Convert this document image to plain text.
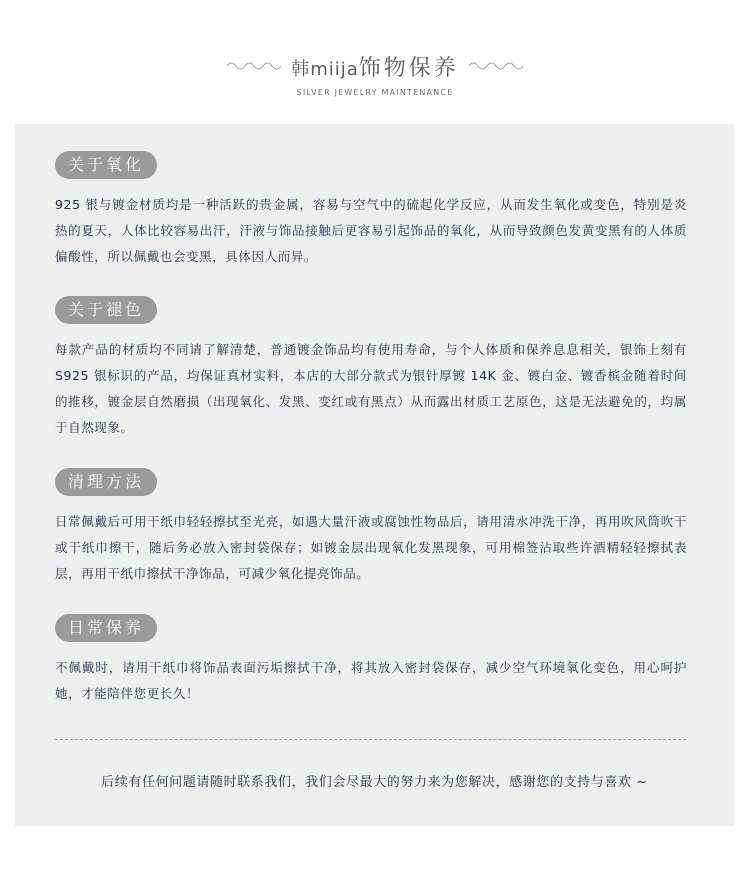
韩miija饰物保养
SILVER JEWELRY MAINTENANCE
关于氧化
925 银与镀金材质均是一种活跃的贵金属，容易与空气中的硫起化学反应，从而发生氧化或变色，特别是炎热的夏天，人体比较容易出汗，汗液与饰品接触后更容易引起饰品的氧化，从而导致颜色发黄变黑有的人体质偏酸性，所以佩戴也会变黑，具体因人而异。
关于褪色
每款产品的材质均不同请了解清楚，普通镀金饰品均有使用寿命，与个人体质和保养息息相关，银饰上刻有 S925 银标识的产品，均保证真材实料，本店的大部分款式为银针厚镀 14K 金、镀白金、镀香槟金随着时间的推移，镀金层自然磨损（出现氧化、发黑、变红或有黑点）从而露出材质工艺原色，这是无法避免的，均属于自然现象。
清理方法
日常佩戴后可用干纸巾轻轻擦拭至光亮，如遇大量汗液或腐蚀性物品后，请用清水冲洗干净，再用吹风筒吹干或干纸巾擦干，随后务必放入密封袋保存；如镀金层出现氧化发黑现象，可用棉签沾取些许酒精轻轻擦拭表层，再用干纸巾擦拭干净饰品，可减少氧化提亮饰品。
日常保养
不佩戴时，请用干纸巾将饰品表面污垢擦拭干净，将其放入密封袋保存，减少空气环境氧化变色，用心呵护她，才能陪伴您更长久！
后续有任何问题请随时联系我们，我们会尽最大的努力来为您解决，感谢您的支持与喜欢 ~
